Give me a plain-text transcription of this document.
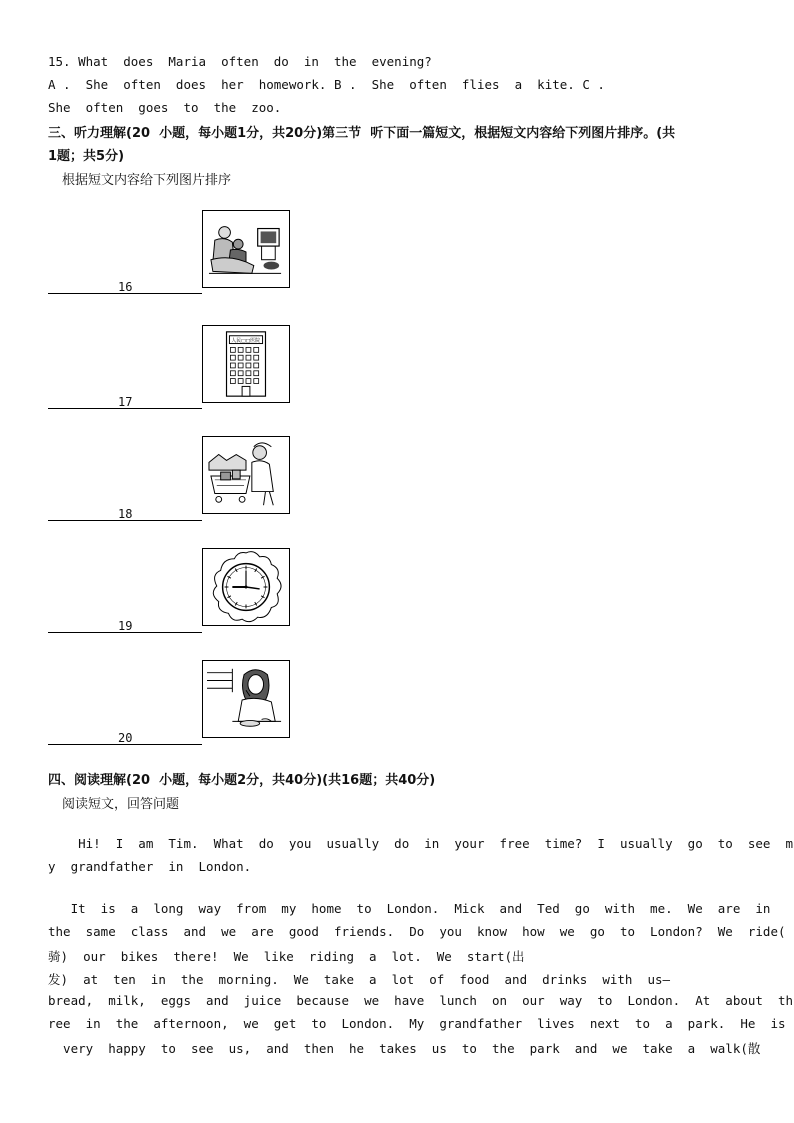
15. What  does  Maria  often  do  in  the  evening?
A .  She  often  does  her  homework. B .  She  often  flies  a  kite. C .
She  often  goes  to  the  zoo.
三、听力理解(20  小题，每小题1分，共20分)第三节  听下面一篇短文，根据短文内容给下列图片排序。(共
1题；共5分)
根据短文内容给下列图片排序
16
人民□□医院
17
18
19
20
四、阅读理解(20  小题，每小题2分，共40分)(共16题；共40分)
阅读短文，回答问题
Hi!  I  am  Tim.  What  do  you  usually  do  in  your  free  time?  I  usually  go  to  see  m
y  grandfather  in  London.
It  is  a  long  way  from  my  home  to  London.  Mick  and  Ted  go  with  me.  We  are  in
the  same  class  and  we  are  good  friends.  Do  you  know  how  we  go  to  London?  We  ride(
骑)  our  bikes  there!  We  like  riding  a  lot.  We  start(出
发)  at  ten  in  the  morning.  We  take  a  lot  of  food  and  drinks  with  us—
bread,  milk,  eggs  and  juice  because  we  have  lunch  on  our  way  to  London.  At  about  th
ree  in  the  afternoon,  we  get  to  London.  My  grandfather  lives  next  to  a  park.  He  is
very  happy  to  see  us,  and  then  he  takes  us  to  the  park  and  we  take  a  walk(散
